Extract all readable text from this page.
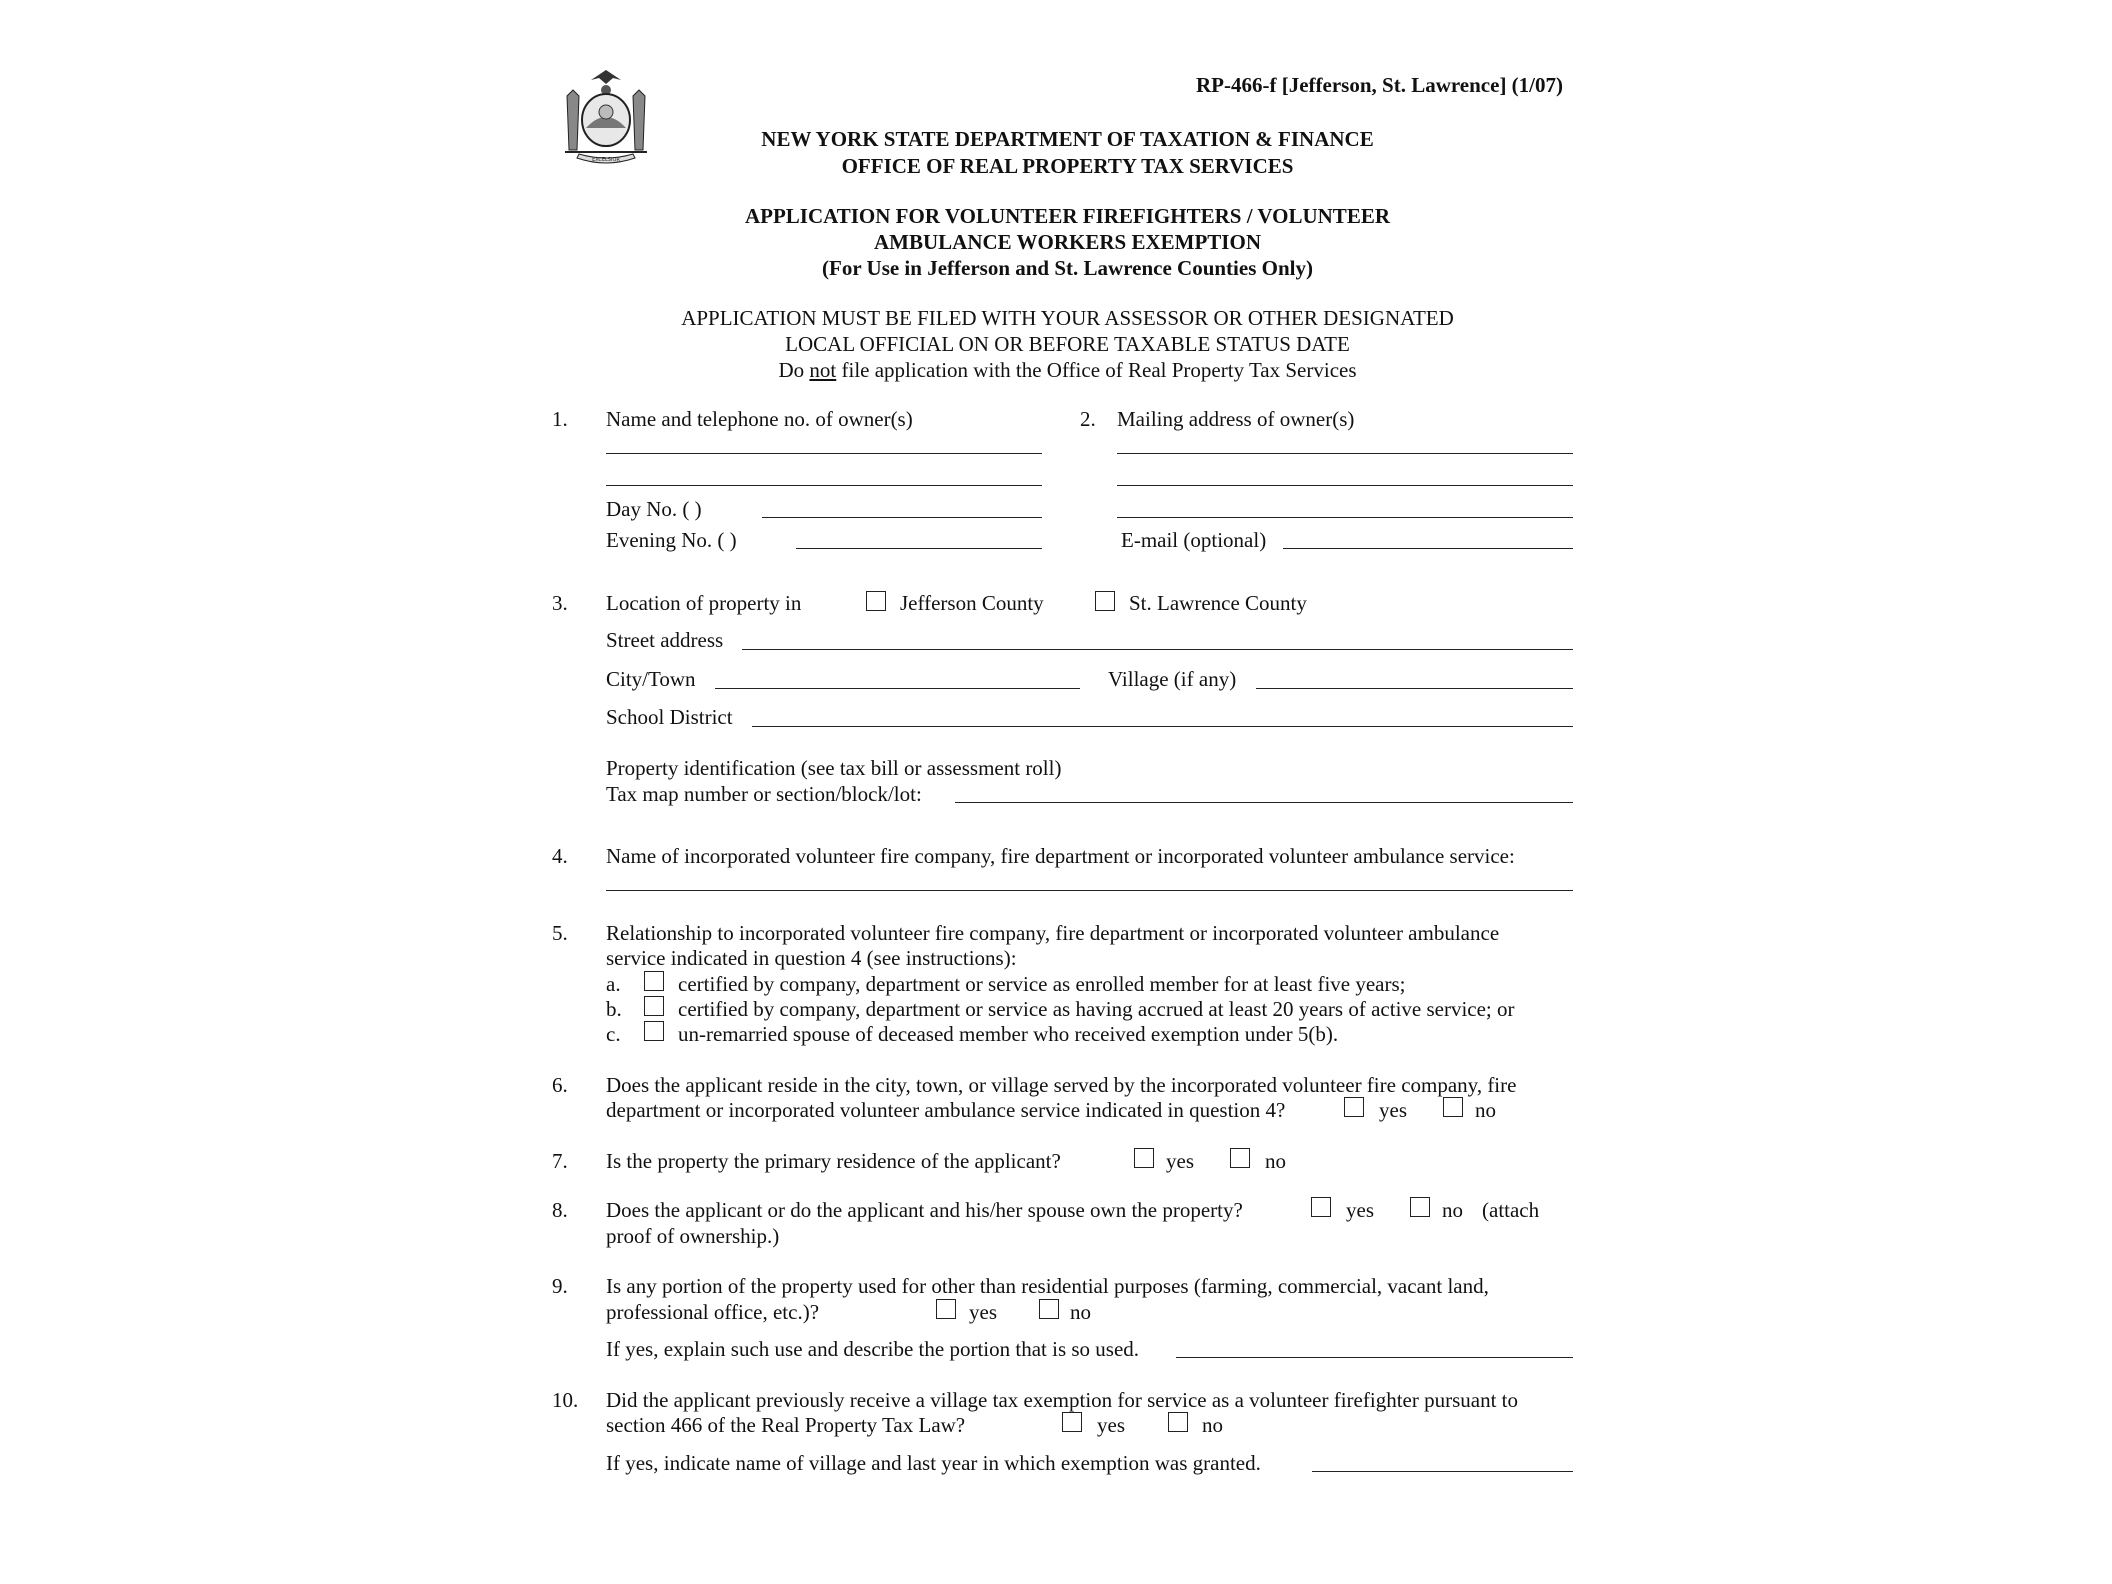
EXCELSIOR
RP-466-f [Jefferson, St. Lawrence] (1/07)
NEW YORK STATE DEPARTMENT OF TAXATION & FINANCE
OFFICE OF REAL PROPERTY TAX SERVICES
APPLICATION FOR VOLUNTEER FIREFIGHTERS / VOLUNTEER
AMBULANCE WORKERS EXEMPTION
(For Use in Jefferson and St. Lawrence Counties Only)
APPLICATION MUST BE FILED WITH YOUR ASSESSOR OR OTHER DESIGNATED
LOCAL OFFICIAL ON OR BEFORE TAXABLE STATUS DATE
Do not file application with the Office of Real Property Tax Services
1. Name and telephone no. of owner(s)
Day No. ( )
Evening No. ( )
2. Mailing address of owner(s)
E-mail (optional)
3. Location of property in	Jefferson County	St. Lawrence County
Street address
City/Town	Village (if any)
School District
Property identification (see tax bill or assessment roll)
Tax map number or section/block/lot:
4. Name of incorporated volunteer fire company, fire department or incorporated volunteer ambulance service:
5. Relationship to incorporated volunteer fire company, fire department or incorporated volunteer ambulance
service indicated in question 4 (see instructions):
a.	certified by company, department or service as enrolled member for at least five years;
b.	certified by company, department or service as having accrued at least 20 years of active service; or
c.	un-remarried spouse of deceased member who received exemption under 5(b).
6. Does the applicant reside in the city, town, or village served by the incorporated volunteer fire company, fire
department or incorporated volunteer ambulance service indicated in question 4?	yes	no
7. Is the property the primary residence of the applicant?	yes	no
8. Does the applicant or do the applicant and his/her spouse own the property?	yes	no (attach
proof of ownership.)
9. Is any portion of the property used for other than residential purposes (farming, commercial, vacant land,
professional office, etc.)?	yes	no
If yes, explain such use and describe the portion that is so used.
10. Did the applicant previously receive a village tax exemption for service as a volunteer firefighter pursuant to
section 466 of the Real Property Tax Law?	yes	no
If yes, indicate name of village and last year in which exemption was granted.
